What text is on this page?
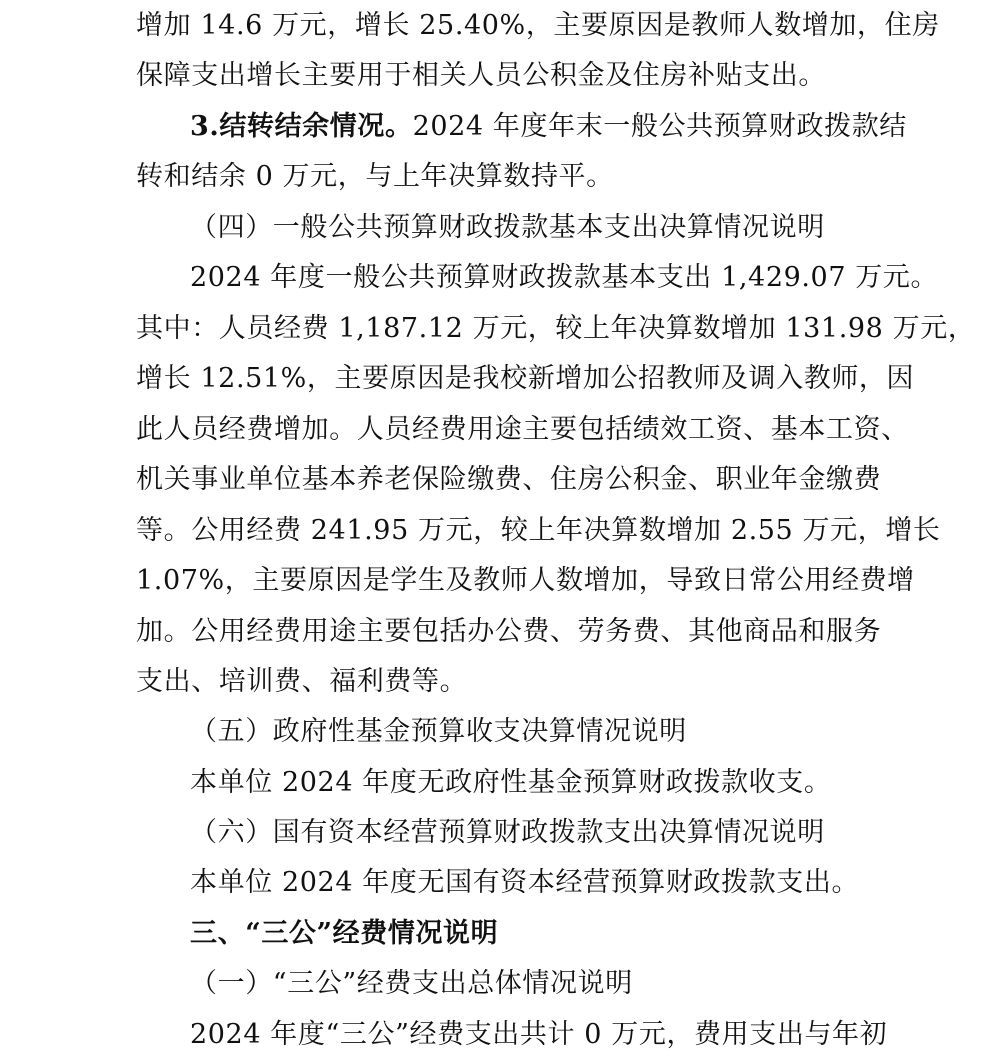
增加 14.6 万元，增长 25.40%，主要原因是教师人数增加，住房
保障支出增长主要用于相关人员公积金及住房补贴支出。
3.结转结余情况。2024 年度年末一般公共预算财政拨款结
转和结余 0 万元，与上年决算数持平。
（四）一般公共预算财政拨款基本支出决算情况说明
2024 年度一般公共预算财政拨款基本支出 1,429.07 万元。
其中：人员经费 1,187.12 万元，较上年决算数增加 131.98 万元，
增长 12.51%，主要原因是我校新增加公招教师及调入教师，因
此人员经费增加。人员经费用途主要包括绩效工资、基本工资、
机关事业单位基本养老保险缴费、住房公积金、职业年金缴费
等。公用经费 241.95 万元，较上年决算数增加 2.55 万元，增长
1.07%，主要原因是学生及教师人数增加，导致日常公用经费增
加。公用经费用途主要包括办公费、劳务费、其他商品和服务
支出、培训费、福利费等。
（五）政府性基金预算收支决算情况说明
本单位 2024 年度无政府性基金预算财政拨款收支。
（六）国有资本经营预算财政拨款支出决算情况说明
本单位 2024 年度无国有资本经营预算财政拨款支出。
三、“三公”经费情况说明
（一）“三公”经费支出总体情况说明
2024 年度“三公”经费支出共计 0 万元，费用支出与年初
